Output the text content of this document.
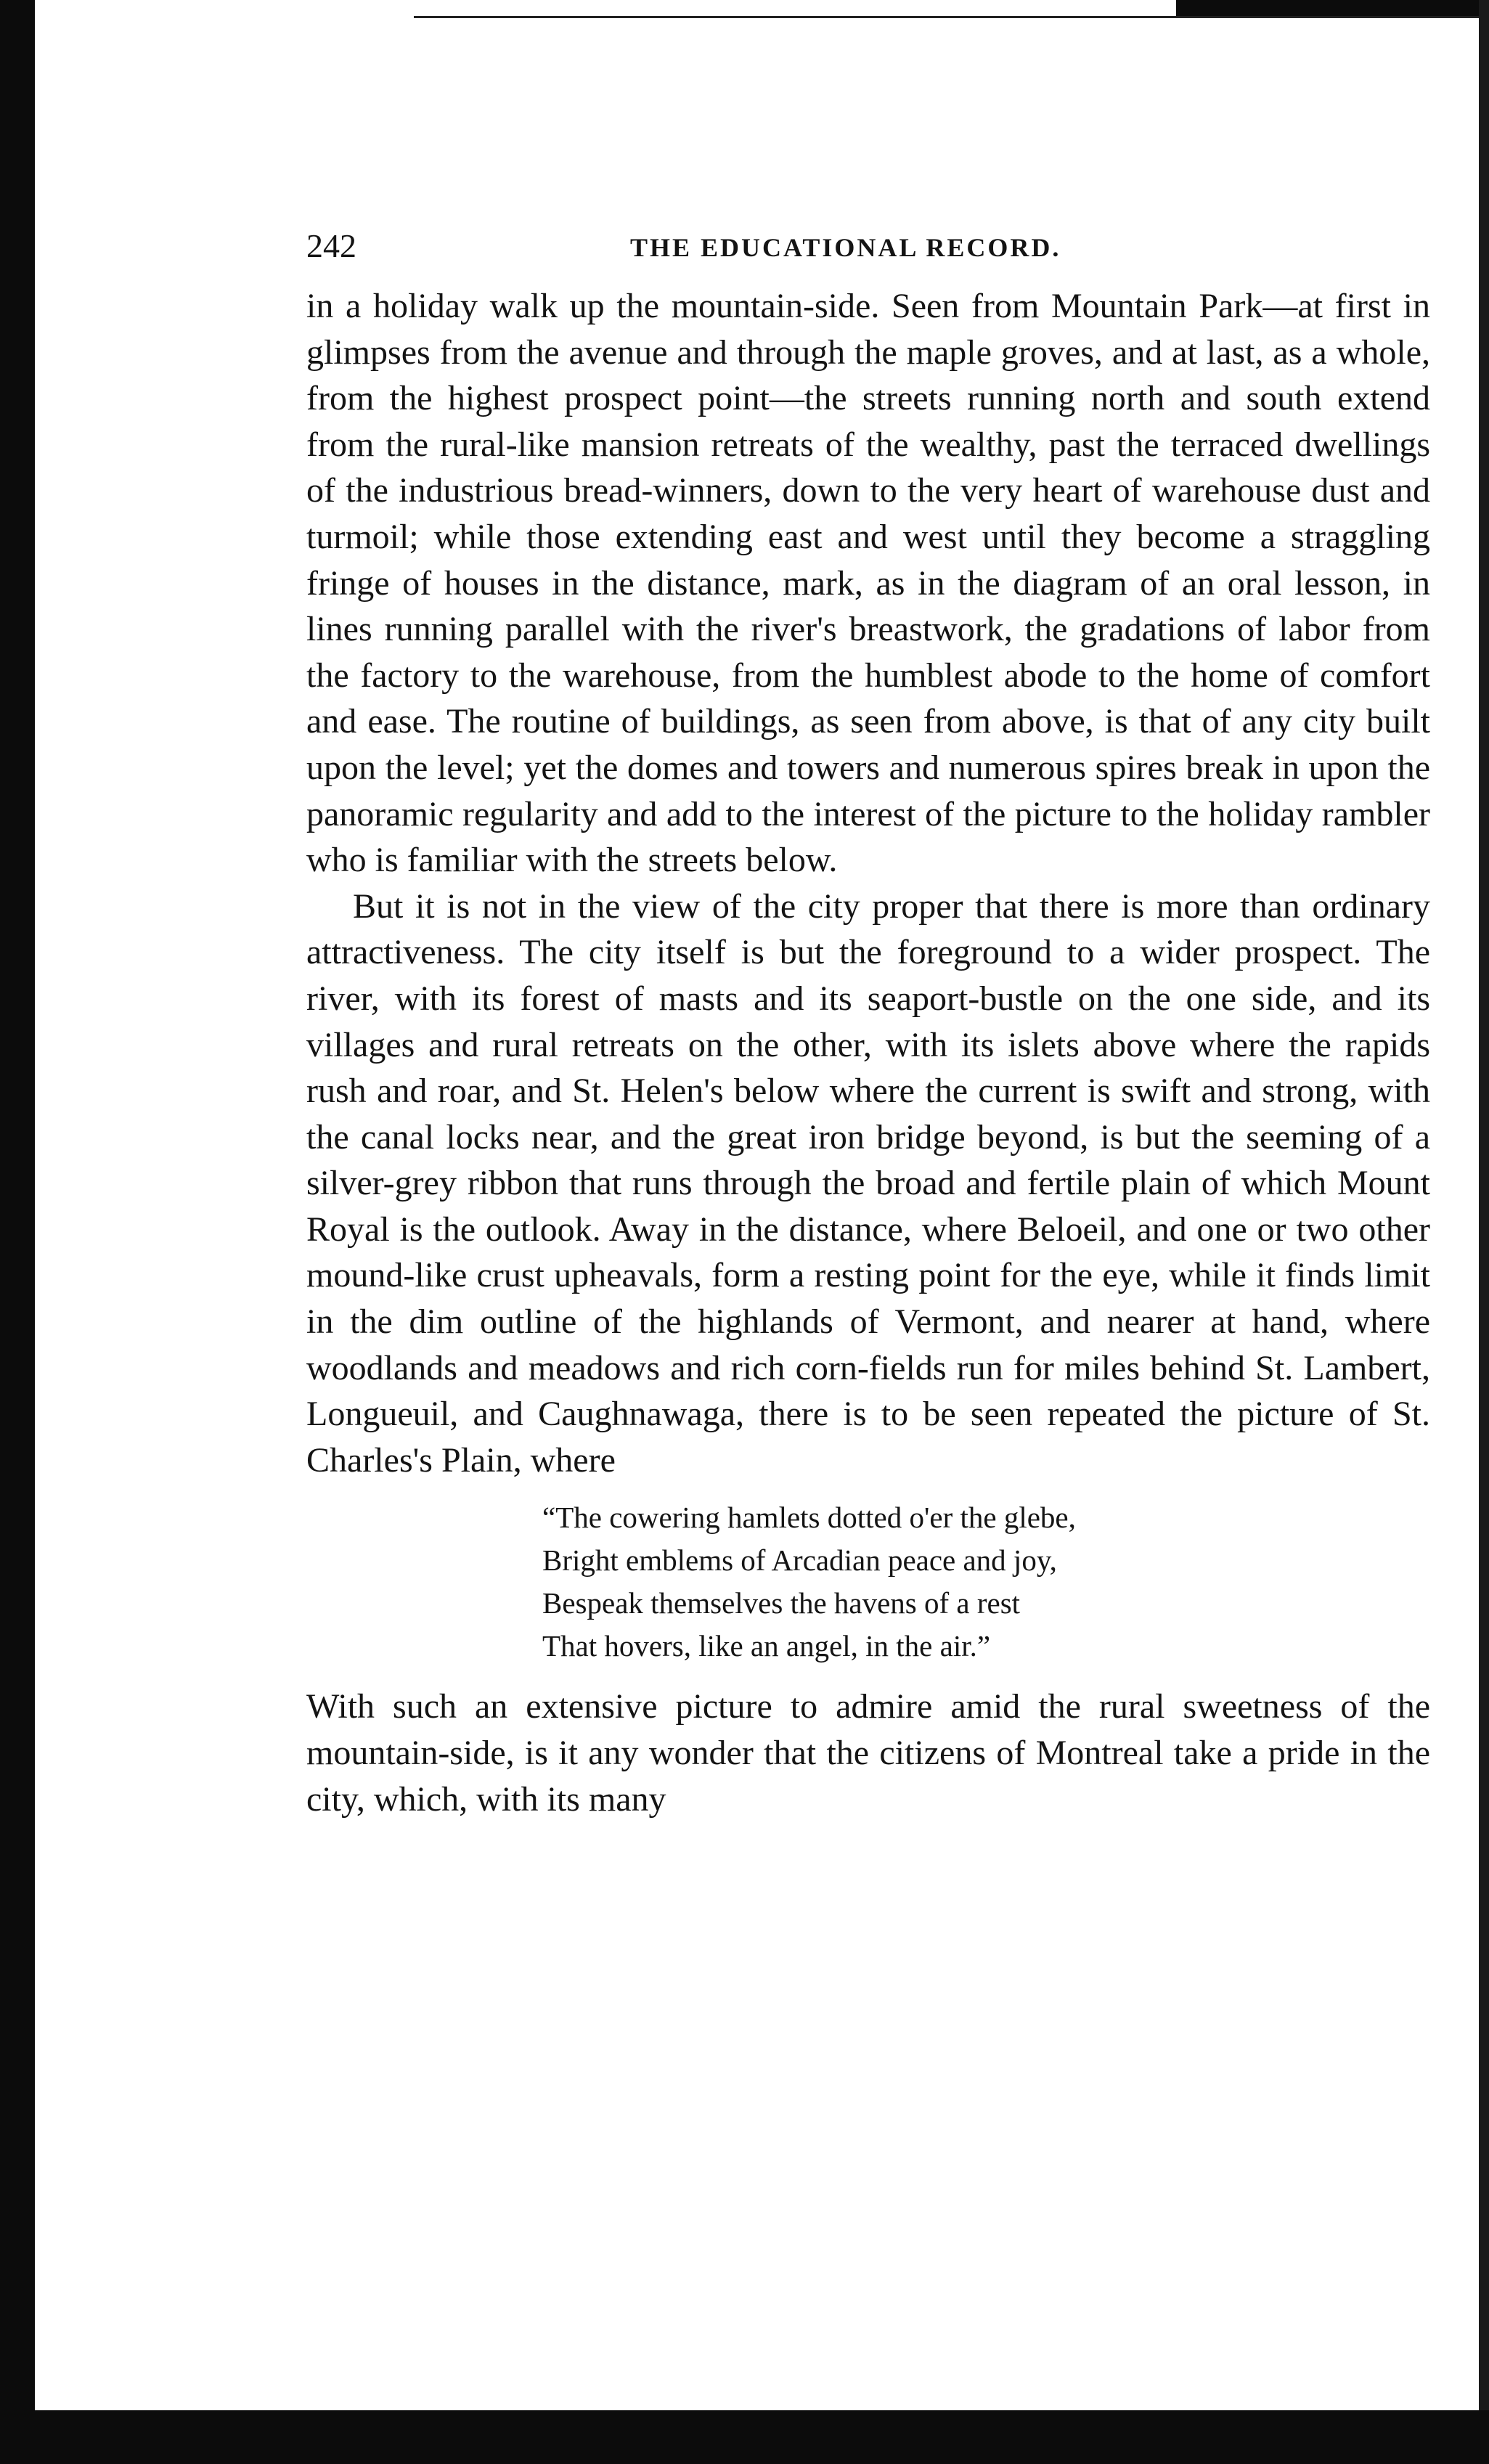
242	THE EDUCATIONAL RECORD.

in a holiday walk up the mountain-side. Seen from Mountain Park—at first in glimpses from the avenue and through the maple groves, and at last, as a whole, from the highest prospect point—the streets running north and south extend from the rural-like mansion retreats of the wealthy, past the terraced dwellings of the industrious bread-winners, down to the very heart of warehouse dust and turmoil; while those extending east and west until they become a straggling fringe of houses in the distance, mark, as in the diagram of an oral lesson, in lines running parallel with the river's breastwork, the gradations of labor from the factory to the warehouse, from the humblest abode to the home of comfort and ease. The routine of buildings, as seen from above, is that of any city built upon the level; yet the domes and towers and numerous spires break in upon the panoramic regularity and add to the interest of the picture to the holiday rambler who is familiar with the streets below.

But it is not in the view of the city proper that there is more than ordinary attractiveness. The city itself is but the foreground to a wider prospect. The river, with its forest of masts and its seaport-bustle on the one side, and its villages and rural retreats on the other, with its islets above where the rapids rush and roar, and St. Helen's below where the current is swift and strong, with the canal locks near, and the great iron bridge beyond, is but the seeming of a silver-grey ribbon that runs through the broad and fertile plain of which Mount Royal is the outlook. Away in the distance, where Beloeil, and one or two other mound-like crust upheavals, form a resting point for the eye, while it finds limit in the dim outline of the highlands of Vermont, and nearer at hand, where woodlands and meadows and rich corn-fields run for miles behind St. Lambert, Longueuil, and Caughnawaga, there is to be seen repeated the picture of St. Charles's Plain, where

“The cowering hamlets dotted o'er the glebe,
Bright emblems of Arcadian peace and joy,
Bespeak themselves the havens of a rest
That hovers, like an angel, in the air.”

With such an extensive picture to admire amid the rural sweetness of the mountain-side, is it any wonder that the citizens of Montreal take a pride in the city, which, with its many
